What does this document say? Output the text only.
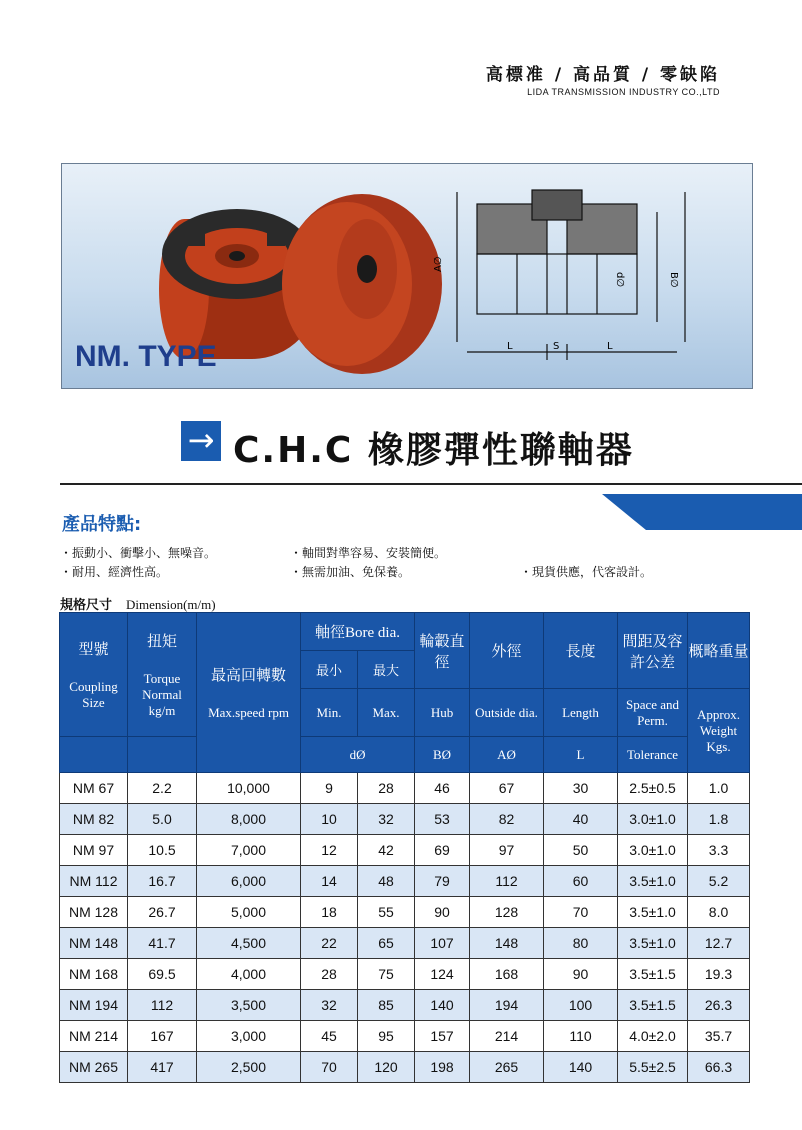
高標准 / 高品質 / 零缺陷
LIDA TRANSMISSION INDUSTRY CO.,LTD
A∅
d∅	B∅
L	S	L
NM. TYPE
→ C.H.C 橡膠彈性聯軸器
產品特點:
・振動小、衝擊小、無噪音。	・軸間對準容易、安裝簡便。
・耐用、經濟性高。	・無需加油、免保養。	・現貨供應，代客設計。
規格尺寸 Dimension(m/m)
型號
Coupling Size	扭矩
Torque Normal kg/m	最高回轉數
Max.speed rpm	軸徑Bore dia.		輪轂直徑	外徑	長度	間距及容許公差	概略重量
			最小	最大					
			Min.	Max.	Hub	Outside dia.	Length	Space and Perm.	Approx. Weight
Kgs.

			dØ		BØ	AØ	L	Tolerance	
NM 67	2.2	10,000	9	28	46	67	30	2.5±0.5	1.0
NM 82	5.0	8,000	10	32	53	82	40	3.0±1.0	1.8
NM 97	10.5	7,000	12	42	69	97	50	3.0±1.0	3.3
NM 112	16.7	6,000	14	48	79	112	60	3.5±1.0	5.2
NM 128	26.7	5,000	18	55	90	128	70	3.5±1.0	8.0
NM 148	41.7	4,500	22	65	107	148	80	3.5±1.0	12.7
NM 168	69.5	4,000	28	75	124	168	90	3.5±1.5	19.3
NM 194	112	3,500	32	85	140	194	100	3.5±1.5	26.3
NM 214	167	3,000	45	95	157	214	110	4.0±2.0	35.7
NM 265	417	2,500	70	120	198	265	140	5.5±2.5	66.3
